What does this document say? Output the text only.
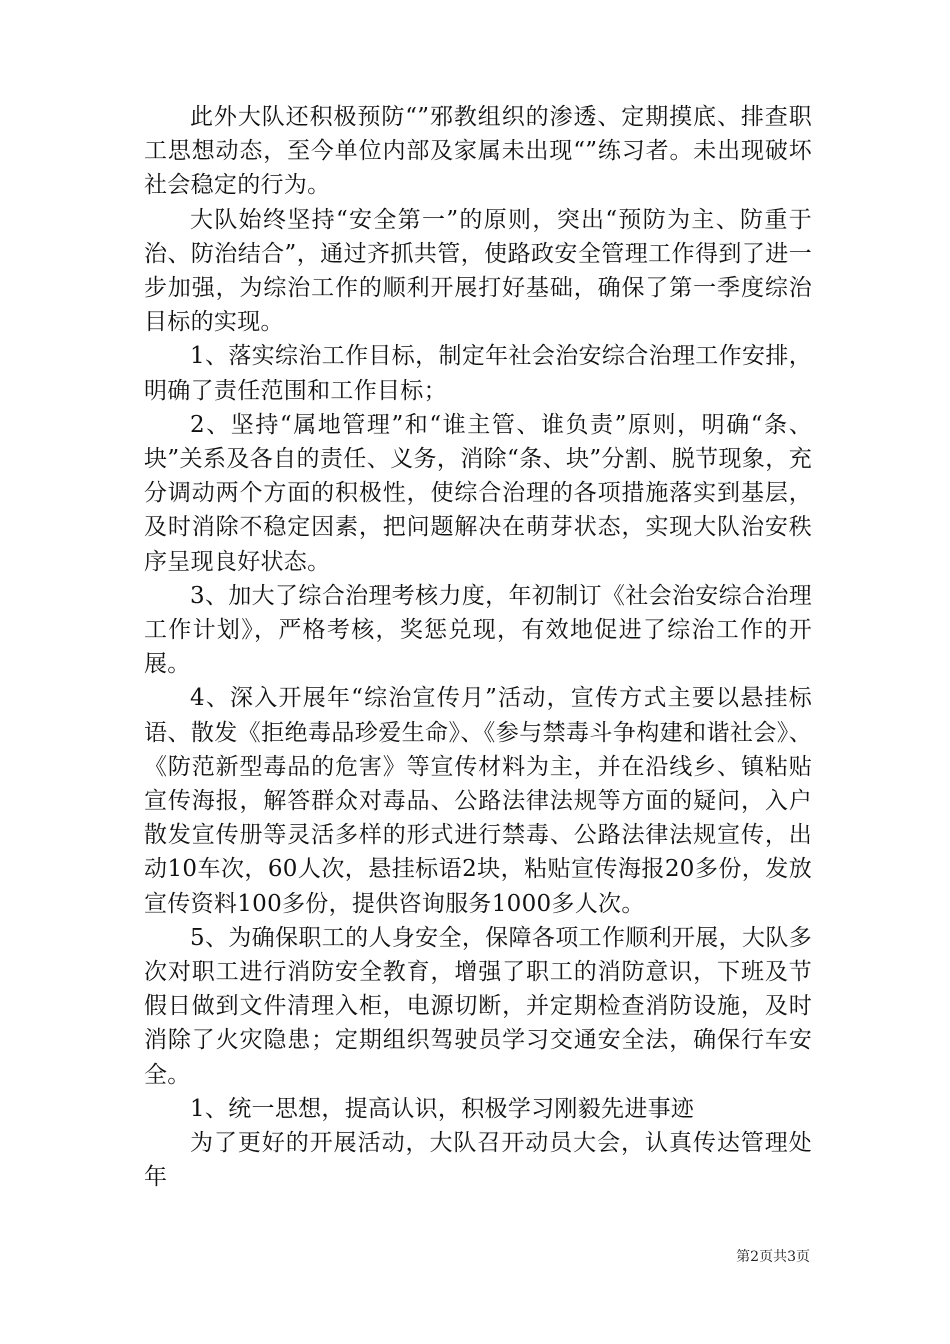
此外大队还积极预防“”邪教组织的渗透、定期摸底、排查职工思想动态，至今单位内部及家属未出现“”练习者。未出现破坏社会稳定的行为。

大队始终坚持“安全第一”的原则，突出“预防为主、防重于治、防治结合”，通过齐抓共管，使路政安全管理工作得到了进一步加强，为综治工作的顺利开展打好基础，确保了第一季度综治目标的实现。

1、落实综治工作目标，制定年社会治安综合治理工作安排，明确了责任范围和工作目标；

2、坚持“属地管理”和“谁主管、谁负责”原则，明确“条、块”关系及各自的责任、义务，消除“条、块”分割、脱节现象，充分调动两个方面的积极性，使综合治理的各项措施落实到基层，及时消除不稳定因素，把问题解决在萌芽状态，实现大队治安秩序呈现良好状态。

3、加大了综合治理考核力度，年初制订《社会治安综合治理工作计划》，严格考核，奖惩兑现，有效地促进了综治工作的开展。

4、深入开展年“综治宣传月”活动，宣传方式主要以悬挂标语、散发《拒绝毒品珍爱生命》、《参与禁毒斗争构建和谐社会》、《防范新型毒品的危害》等宣传材料为主，并在沿线乡、镇粘贴宣传海报，解答群众对毒品、公路法律法规等方面的疑问，入户散发宣传册等灵活多样的形式进行禁毒、公路法律法规宣传，出动10车次，60人次，悬挂标语2块，粘贴宣传海报20多份，发放宣传资料100多份，提供咨询服务1000多人次。

5、为确保职工的人身安全，保障各项工作顺利开展，大队多次对职工进行消防安全教育，增强了职工的消防意识，下班及节假日做到文件清理入柜，电源切断，并定期检查消防设施，及时消除了火灾隐患；定期组织驾驶员学习交通安全法，确保行车安全。

1、统一思想，提高认识，积极学习刚毅先进事迹

为了更好的开展活动，大队召开动员大会，认真传达管理处年

第2页共3页
